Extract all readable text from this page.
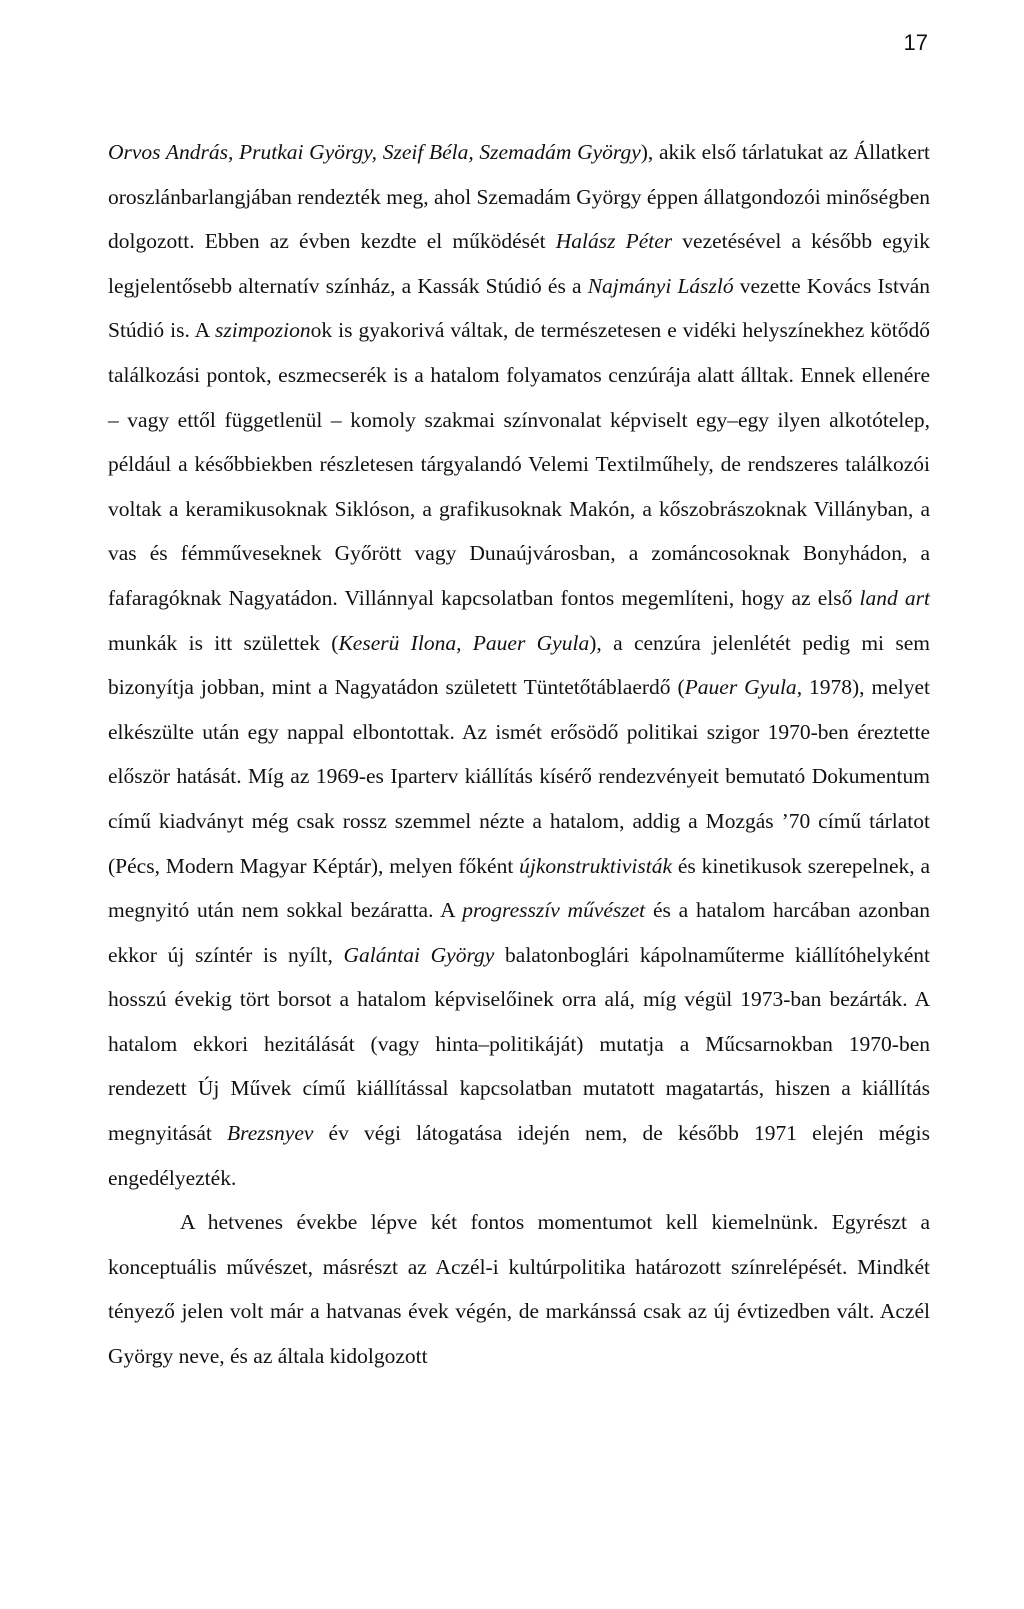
17

Orvos András, Prutkai György, Szeif Béla, Szemadám György), akik első tárlatukat az Állatkert oroszlánbarlangjában rendezték meg, ahol Szemadám György éppen állatgondozói minőségben dolgozott. Ebben az évben kezdte el működését Halász Péter vezetésével a később egyik legjelentősebb alternatív színház, a Kassák Stúdió és a Najmányi László vezette Kovács István Stúdió is. A szimpozionok is gyakorivá váltak, de természetesen e vidéki helyszínekhez kötődő találkozási pontok, eszmecserék is a hatalom folyamatos cenzúrája alatt álltak. Ennek ellenére – vagy ettől függetlenül – komoly szakmai színvonalat képviselt egy–egy ilyen alkotótelep, például a későbbiekben részletesen tárgyalandó Velemi Textilműhely, de rendszeres találkozói voltak a keramikusoknak Siklóson, a grafikusoknak Makón, a kőszobrászoknak Villányban, a vas és fémműveseknek Győrött vagy Dunaújvárosban, a zománcosoknak Bonyhádon, a fafaragóknak Nagyatádon. Villánnyal kapcsolatban fontos megemlíteni, hogy az első land art munkák is itt születtek (Keserü Ilona, Pauer Gyula), a cenzúra jelenlétét pedig mi sem bizonyítja jobban, mint a Nagyatádon született Tüntetőtáblaerdő (Pauer Gyula, 1978), melyet elkészülte után egy nappal elbontottak. Az ismét erősödő politikai szigor 1970-ben éreztette először hatását. Míg az 1969-es Iparterv kiállítás kísérő rendezvényeit bemutató Dokumentum című kiadványt még csak rossz szemmel nézte a hatalom, addig a Mozgás ’70 című tárlatot (Pécs, Modern Magyar Képtár), melyen főként újkonstruktivisták és kinetikusok szerepelnek, a megnyitó után nem sokkal bezáratta. A progresszív művészet és a hatalom harcában azonban ekkor új színtér is nyílt, Galántai György balatonboglári kápolnaműterme kiállítóhelyként hosszú évekig tört borsot a hatalom képviselőinek orra alá, míg végül 1973-ban bezárták. A hatalom ekkori hezitálását (vagy hinta–politikáját) mutatja a Műcsarnokban 1970-ben rendezett Új Művek című kiállítással kapcsolatban mutatott magatartás, hiszen a kiállítás megnyitását Brezsnyev év végi látogatása idején nem, de később 1971 elején mégis engedélyezték.

A hetvenes évekbe lépve két fontos momentumot kell kiemelnünk. Egyrészt a konceptuális művészet, másrészt az Aczél-i kultúrpolitika határozott színrelépését. Mindkét tényező jelen volt már a hatvanas évek végén, de markánssá csak az új évtizedben vált. Aczél György neve, és az általa kidolgozott
